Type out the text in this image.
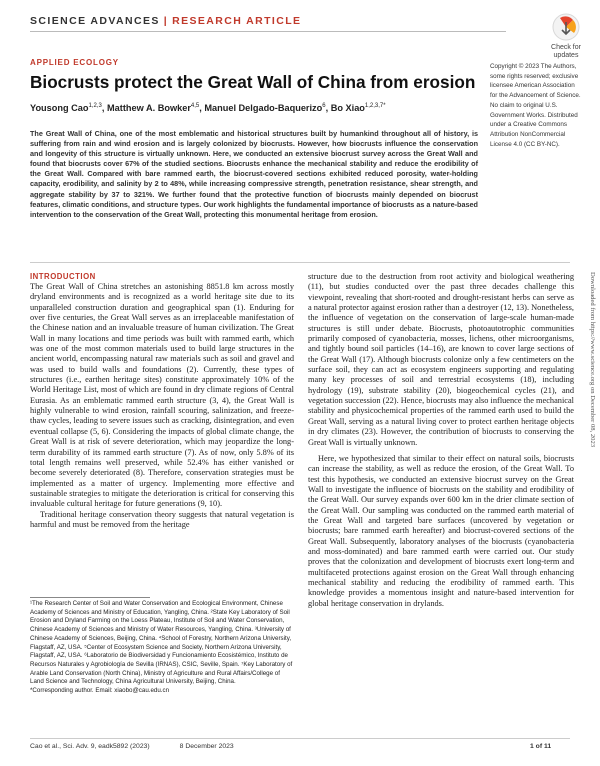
SCIENCE ADVANCES | RESEARCH ARTICLE
Check for
updates
APPLIED ECOLOGY
Biocrusts protect the Great Wall of China from erosion
Yousong Cao$^{1,2,3}$, Matthew A. Bowker$^{4,5}$, Manuel Delgado-Baquerizo$^6$, Bo Xiao$^{1,2,3,7*}$
Copyright © 2023 The Authors, some rights reserved; exclusive licensee American Association for the Advancement of Science. No claim to original U.S. Government Works. Distributed under a Creative Commons Attribution NonCommercial License 4.0 (CC BY-NC).
The Great Wall of China, one of the most emblematic and historical structures built by humankind throughout all of history, is suffering from rain and wind erosion and is largely colonized by biocrusts. However, how biocrusts influence the conservation and longevity of this structure is virtually unknown. Here, we conducted an extensive biocrust survey across the Great Wall and found that biocrusts cover 67% of the studied sections. Biocrusts enhance the mechanical stability and reduce the erodibility of the Great Wall. Compared with bare rammed earth, the biocrust-covered sections exhibited reduced porosity, water-holding capacity, erodibility, and salinity by 2 to 48%, while increasing compressive strength, penetration resistance, shear strength, and aggregate stability by 37 to 321%. We further found that the protective function of biocrusts mainly depended on biocrust features, climatic conditions, and structure types. Our work highlights the fundamental importance of biocrusts as a nature-based intervention to the conservation of the Great Wall, protecting this monumental heritage from erosion.
INTRODUCTION

The Great Wall of China stretches an astonishing 8851.8 km across mostly dryland environments and is recognized as a world heritage site due to its unparalleled construction duration and geographical span (1). Enduring for over five centuries, the Great Wall serves as an irreplaceable manifestation of the Chinese nation and an invaluable treasure of human civilization. The Great Wall in many locations and time periods was built with rammed earth, which was one of the most common materials used to build large structures in the ancient world, encompassing natural raw materials such as soil and gravel and was used to build walls and foundations (2). Currently, these types of structures (i.e., earthen heritage sites) constitute approximately 10% of the World Heritage List, most of which are found in dry climate regions of Central Eurasia. As an emblematic rammed earth structure (3, 4), the Great Wall is highly vulnerable to wind erosion, rainfall scouring, salinization, and freeze-thaw cycles, leading to severe issues such as cracking, disintegration, and even eventual collapse (5, 6). Considering the impacts of global climate change, the Great Wall is at risk of severe deterioration, which may jeopardize the long-term durability of its rammed earth structure (7). As of now, only 5.8% of its total length remains well preserved, while 52.4% has either vanished or become severely deteriorated (8). Therefore, conservation strategies must be implemented as a matter of urgency. Implementing more effective and sustainable strategies to mitigate the deterioration is critical for conserving this invaluable cultural heritage for future generations (9, 10).

Traditional heritage conservation theory suggests that natural vegetation is harmful and must be removed from the heritage

structure due to the destruction from root activity and biological weathering (11), but studies conducted over the past three decades challenge this viewpoint, revealing that short-rooted and drought-resistant herbs can serve as a natural protector against erosion rather than a destroyer (12, 13). Nonetheless, the influence of vegetation on the conservation of large-scale human-made structures is still under debate. Biocrusts, photoautotrophic communities primarily composed of cyanobacteria, mosses, lichens, other microorganisms, and tightly bound soil particles (14–16), are known to cover large sections of the Great Wall (17). Although biocrusts colonize only a few centimeters on the surface soil, they can act as ecosystem engineers supporting and regulating many key processes of soil and terrestrial ecosystems (18), including hydrology (19), substrate stability (20), biogeochemical cycles (21), and vegetation succession (22). Hence, biocrusts may also influence the mechanical stability and physicochemical properties of the rammed earth used to build the Great Wall, serving as a natural living cover to protect earthen heritage objects in dry climates (23). However, the contribution of biocrusts to conserving the Great Wall is virtually unknown.

Here, we hypothesized that similar to their effect on natural soils, biocrusts can increase the stability, as well as reduce the erosion, of the Great Wall. To test this hypothesis, we conducted an extensive biocrust survey on the Great Wall to investigate the influence of biocrusts on the stability and erodibility of the Great Wall. Our survey expands over 600 km in the drier climate section of the Great Wall. Our sampling was conducted on the rammed earth material of the Great Wall and targeted bare surfaces (uncovered by vegetation or biocrusts; bare rammed earth hereafter) and biocrust-covered sections of the Great Wall. Subsequently, laboratory analyses of the biocrusts (cyanobacteria and moss-dominated) and bare rammed earth were carried out. Our study proves that the colonization and development of biocrusts exert long-term and multifaceted protections against erosion on the Great Wall through enhancing mechanical stability and reducing the erodibility of rammed earth. This knowledge provides a momentous insight and nature-based intervention for global heritage conservation in drylands.

¹The Research Center of Soil and Water Conservation and Ecological Environment, Chinese Academy of Sciences and Ministry of Education, Yangling, China. ²State Key Laboratory of Soil Erosion and Dryland Farming on the Loess Plateau, Institute of Soil and Water Conservation, Chinese Academy of Sciences and Ministry of Water Resources, Yangling, China. ³University of Chinese Academy of Sciences, Beijing, China. ⁴School of Forestry, Northern Arizona University, Flagstaff, AZ, USA. ⁵Center of Ecosystem Science and Society, Northern Arizona University, Flagstaff, AZ, USA. ⁶Laboratorio de Biodiversidad y Funcionamiento Ecosistémico, Instituto de Recursos Naturales y Agrobiología de Sevilla (IRNAS), CSIC, Seville, Spain. ⁷Key Laboratory of Arable Land Conservation (North China), Ministry of Agriculture and Rural Affairs/College of Land Science and Technology, China Agricultural University, Beijing, China.
*Corresponding author. Email: xiaobo@cau.edu.cn
Downloaded from https://www.science.org on December 08, 2023
Cao et al., Sci. Adv. 9, eadk5892 (2023)	8 December 2023	1 of 11
